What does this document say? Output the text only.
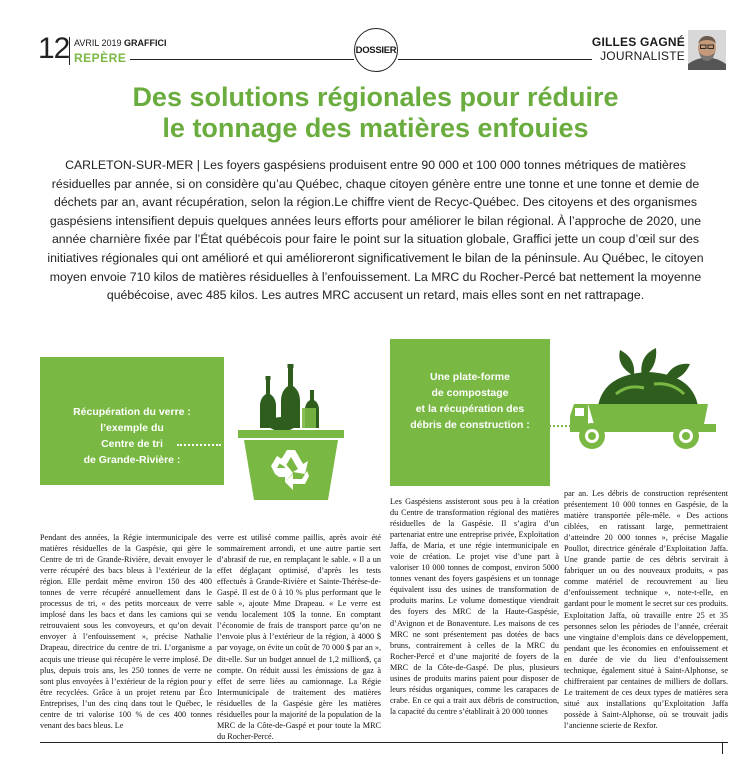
12 AVRIL 2019 GRAFFICI
REPÈRE
DOSSIER
GILLES GAGNÉ
JOURNALISTE
Des solutions régionales pour réduire
le tonnage des matières enfouies
CARLETON-SUR-MER | Les foyers gaspésiens produisent entre 90 000 et 100 000 tonnes métriques de matières résiduelles par année, si on considère qu’au Québec, chaque citoyen génère entre une tonne et une tonne et demie de déchets par an, avant récupération, selon la région.Le chiffre vient de Recyc-Québec. Des citoyens et des organismes gaspésiens intensifient depuis quelques années leurs efforts pour améliorer le bilan régional. À l’approche de 2020, une année charnière fixée par l’État québécois pour faire le point sur la situation globale, Graffici jette un coup d’œil sur des initiatives régionales qui ont amélioré et qui amélioreront significativement le bilan de la péninsule. Au Québec, le citoyen moyen envoie 710 kilos de matières résiduelles à l’enfouissement. La MRC du Rocher-Percé bat nettement la moyenne québécoise, avec 485 kilos. Les autres MRC accusent un retard, mais elles sont en net rattrapage.
Récupération du verre :
l’exemple du
Centre de tri
de Grande-Rivière :
Une plate-forme
de compostage
et la récupération des
débris de construction :
Pendant des années, la Régie intermunicipale des matières résiduelles de la Gaspésie, qui gère le Centre de tri de Grande-Rivière, devait envoyer le verre récupéré des bacs bleus à l’extérieur de la région. Elle perdait même environ 150 des 400 tonnes de verre récupéré annuellement dans le processus de tri, « des petits morceaux de verre implosé dans les bacs et dans les camions qui se retrouvaient sous les convoyeurs, et qu’on devait envoyer à l’enfouissement », précise Nathalie Drapeau, directrice du centre de tri. L’organisme a acquis une trieuse qui récupère le verre implosé. De plus, depuis trois ans, les 250 tonnes de verre ne sont plus envoyées à l’extérieur de la région pour y être recyclées. Grâce à un projet retenu par Éco Entreprises, l’un des cinq dans tout le Québec, le centre de tri valorise 100 % de ces 400 tonnes venant des bacs bleus. Le
verre est utilisé comme paillis, après avoir été sommairement arrondi, et une autre partie sert d’abrasif de rue, en remplaçant le sable. « Il a un effet déglaçant optimisé, d’après les tests effectués à Grande-Rivière et Sainte-Thérèse-de-Gaspé. Il est de 0 à 10 % plus performant que le sable », ajoute Mme Drapeau. « Le verre est vendu localement 10$ la tonne. En comptant l’économie de frais de transport parce qu’on ne l’envoie plus à l’extérieur de la région, à 4000 $ par voyage, on évite un coût de 70 000 $ par an », dit-elle. Sur un budget annuel de 1,2 million$, ça compte. On réduit aussi les émissions de gaz à effet de serre liées au camionnage. La Régie Intermunicipale de traitement des matières résiduelles de la Gaspésie gère les matières résiduelles pour la majorité de la population de la MRC de la Côte-de-Gaspé et pour toute la MRC du Rocher-Percé.
Les Gaspésiens assisteront sous peu à la création du Centre de transformation régional des matières résiduelles de la Gaspésie. Il s’agira d’un partenariat entre une entreprise privée, Exploitation Jaffa, de Maria, et une régie intermunicipale en voie de création. Le projet vise d’une part à valoriser 10 000 tonnes de compost, environ 5000 tonnes venant des foyers gaspésiens et un tonnage équivalent issu des usines de transformation de produits marins. Le volume domestique viendrait des foyers des MRC de la Haute-Gaspésie, d’Avignon et de Bonaventure. Les maisons de ces MRC ne sont présentement pas dotées de bacs bruns, contrairement à celles de la MRC du Rocher-Percé et d’une majorité de foyers de la MRC de la Côte-de-Gaspé. De plus, plusieurs usines de produits marins paient pour disposer de leurs résidus organiques, comme les carapaces de crabe. En ce qui a trait aux débris de construction, la capacité du centre s’établirait à 20 000 tonnes
par an. Les débris de construction représentent présentement 10 000 tonnes en Gaspésie, de la matière transportée pêle-mêle. « Des actions ciblées, en ratissant large, permettraient d’atteindre 20 000 tonnes », précise Magalie Poullot, directrice générale d’Exploitation Jaffa. Une grande partie de ces débris servirait à fabriquer un ou des nouveaux produits, « pas comme matériel de recouvrement au lieu d’enfouissement technique », note-t-elle, en gardant pour le moment le secret sur ces produits. Exploitation Jaffa, où travaille entre 25 et 35 personnes selon les périodes de l’année, créerait une vingtaine d’emplois dans ce développement, pendant que les économies en enfouissement et en durée de vie du lieu d’enfouissement technique, également situé à Saint-Alphonse, se chiffreraient par centaines de milliers de dollars. Le traitement de ces deux types de matières sera situé aux installations qu’Exploitation Jaffa possède à Saint-Alphonse, où se trouvait jadis l’ancienne scierie de Rexfor.
